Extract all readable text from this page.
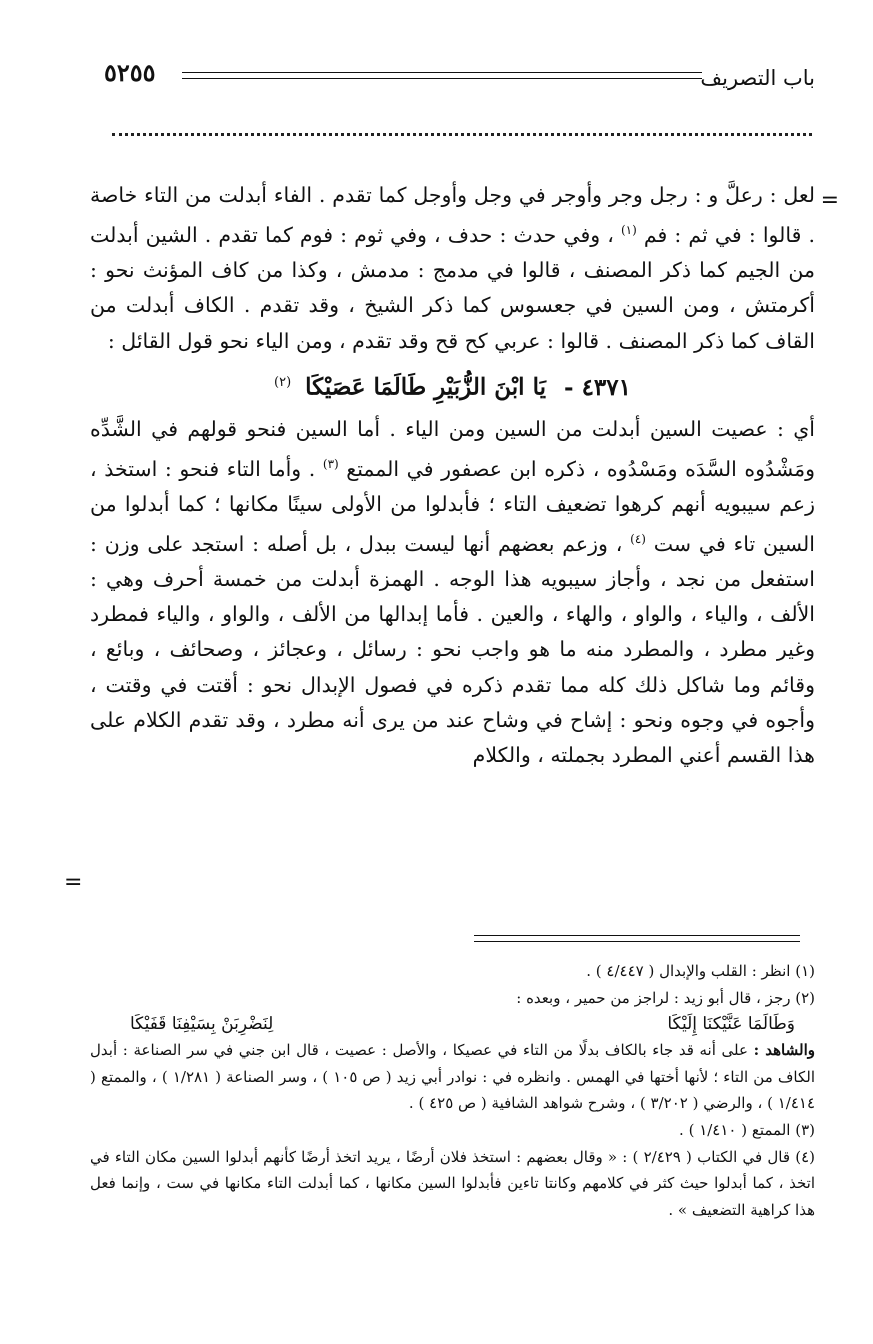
باب التصريف
٥٢٥٥
=

لعل : رعلَّ و : رجل وجر وأوجر في وجل وأوجل كما تقدم . الفاء أبدلت من التاء خاصة . قالوا : في ثم : فم $^{(١)}$ ، وفي حدث : حدف ، وفي ثوم : فوم كما تقدم . الشين أبدلت من الجيم كما ذكر المصنف ، قالوا في مدمج : مدمش ، وكذا من كاف المؤنث نحو : أكرمتش ، ومن السين في جعسوس كما ذكر الشيخ ، وقد تقدم . الكاف أبدلت من القاف كما ذكر المصنف . قالوا : عربي كح قح وقد تقدم ، ومن الياء نحو قول القائل :

٤٣٧١ - يَا ابْنَ الزُّبَيْرِ طَالَمَا عَصَيْكَا $^{(٢)}$

أي : عصيت السين أبدلت من السين ومن الياء . أما السين فنحو قولهم في الشَّدِّه ومَشْدُوه السَّدَه ومَسْدُوه ، ذكره ابن عصفور في الممتع $^{(٣)}$ . وأما التاء فنحو : استخذ ، زعم سيبويه أنهم كرهوا تضعيف التاء ؛ فأبدلوا من الأولى سينًا مكانها ؛ كما أبدلوا من السين تاء في ست $^{(٤)}$ ، وزعم بعضهم أنها ليست ببدل ، بل أصله : استجد على وزن : استفعل من نجد ، وأجاز سيبويه هذا الوجه . الهمزة أبدلت من خمسة أحرف وهي : الألف ، والياء ، والواو ، والهاء ، والعين . فأما إبدالها من الألف ، والواو ، والياء فمطرد وغير مطرد ، والمطرد منه ما هو واجب نحو : رسائل ، وعجائز ، وصحائف ، وبائع ، وقائم وما شاكل ذلك كله مما تقدم ذكره في فصول الإبدال نحو : أقتت في وقتت ، وأجوه في وجوه ونحو : إشاح في وشاح عند من يرى أنه مطرد ، وقد تقدم الكلام على هذا القسم أعني المطرد بجملته ، والكلام

=

(١) انظر : القلب والإبدال ( ٤/٤٤٧ ) .

(٢) رجز ، قال أبو زيد : لراجز من حمير ، وبعده :

وَطَالَمَا عَنَّيْكنَا إِلَيْكَا
لِنَضْرِبَنْ بِسَيْفِنَا قَفَيْكَا

والشاهد : على أنه قد جاء بالكاف بدلًا من التاء في عصيكا ، والأصل : عصيت ، قال ابن جني في سر الصناعة : أبدل الكاف من التاء ؛ لأنها أختها في الهمس . وانظره في : نوادر أبي زيد ( ص ١٠٥ ) ، وسر الصناعة ( ١/٢٨١ ) ، والممتع ( ١/٤١٤ ) ، والرضي ( ٣/٢٠٢ ) ، وشرح شواهد الشافية ( ص ٤٢٥ ) .

(٣) الممتع ( ١/٤١٠ ) .

(٤) قال في الكتاب ( ٢/٤٢٩ ) : « وقال بعضهم : استخذ فلان أرضًا ، يريد اتخذ أرضًا كأنهم أبدلوا السين مكان التاء في اتخذ ، كما أبدلوا حيث كثر في كلامهم وكانتا تاءين فأبدلوا السين مكانها ، كما أبدلت التاء مكانها في ست ، وإنما فعل هذا كراهية التضعيف » .
